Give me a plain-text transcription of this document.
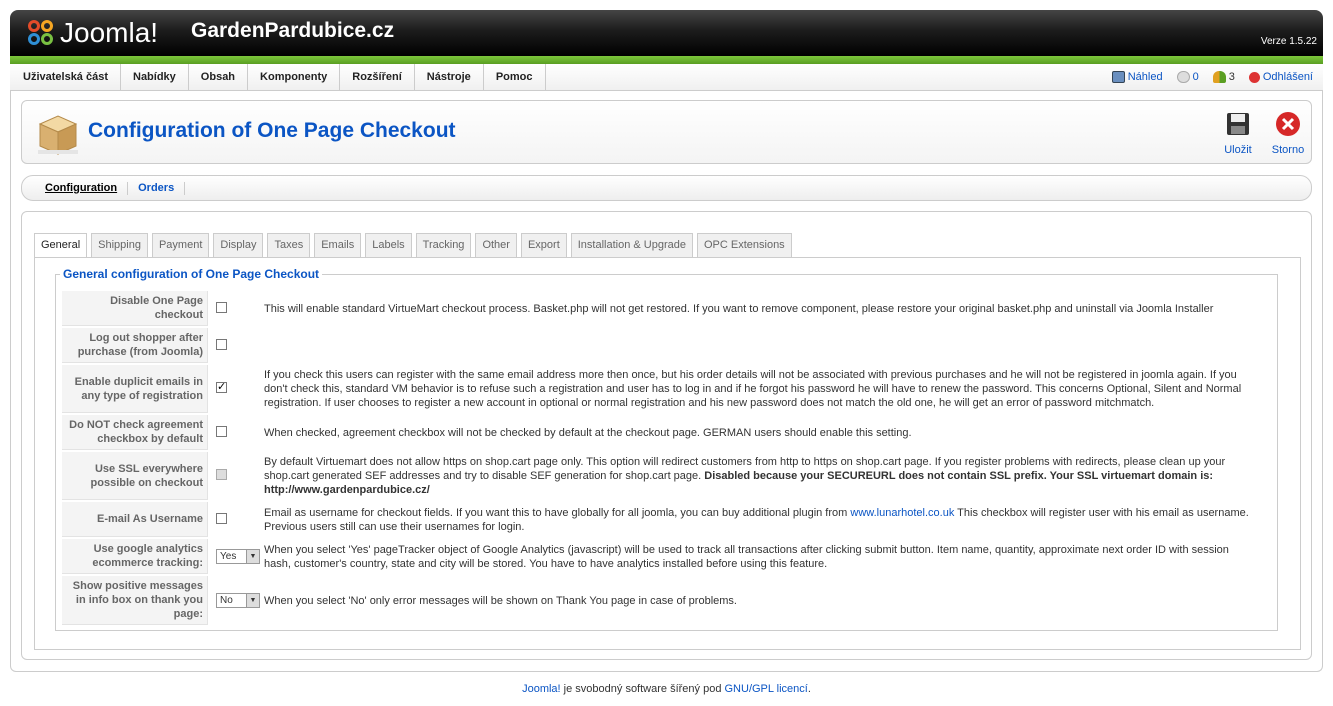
Joomla! GardenPardubice.cz	Verze 1.5.22
Uživatelská část	Nabídky	Obsah	Komponenty	Rozšíření	Nástroje	Pomoc	Náhled	0	3	Odhlášení
Configuration of One Page Checkout
Uložit	Storno
Configuration	Orders
General	Shipping	Payment	Display	Taxes	Emails	Labels	Tracking	Other	Export	Installation & Upgrade	OPC Extensions
General configuration of One Page Checkout
Disable One Page checkout		This will enable standard VirtueMart checkout process. Basket.php will not get restored. If you want to remove component, please restore your original basket.php and uninstall via Joomla Installer
Log out shopper after purchase (from Joomla)		
Enable duplicit emails in any type of registration	✓	If you check this users can register with the same email address more then once, but his order details will not be associated with previous purchases and he will not be registered in joomla again. If you don't check this, standard VM behavior is to refuse such a registration and user has to log in and if he forgot his password he will have to renew the password. This concerns Optional, Silent and Normal registration. If user chooses to register a new account in optional or normal registration and his new password does not match the old one, he will get an error of password mitchmatch.
Do NOT check agreement checkbox by default		When checked, agreement checkbox will not be checked by default at the checkout page. GERMAN users should enable this setting.
Use SSL everywhere possible on checkout		By default Virtuemart does not allow https on shop.cart page only. This option will redirect customers from http to https on shop.cart page. If you register problems with redirects, please clean up your shop.cart generated SEF addresses and try to disable SEF generation for shop.cart page. Disabled because your SECUREURL does not contain SSL prefix. Your SSL virtuemart domain is: http://www.gardenpardubice.cz/
E-mail As Username		Email as username for checkout fields. If you want this to have globally for all joomla, you can buy additional plugin from www.lunarhotel.co.uk This checkbox will register user with his email as username. Previous users still can use their usernames for login.
Use google analytics ecommerce tracking:	Yes ▼	When you select 'Yes' pageTracker object of Google Analytics (javascript) will be used to track all transactions after clicking submit button. Item name, quantity, approximate next order ID with session hash, customer's country, state and city will be stored. You have to have analytics installed before using this feature.
Show positive messages in info box on thank you page:	No ▼	When you select 'No' only error messages will be shown on Thank You page in case of problems.
Joomla! je svobodný software šířený pod GNU/GPL licencí.
